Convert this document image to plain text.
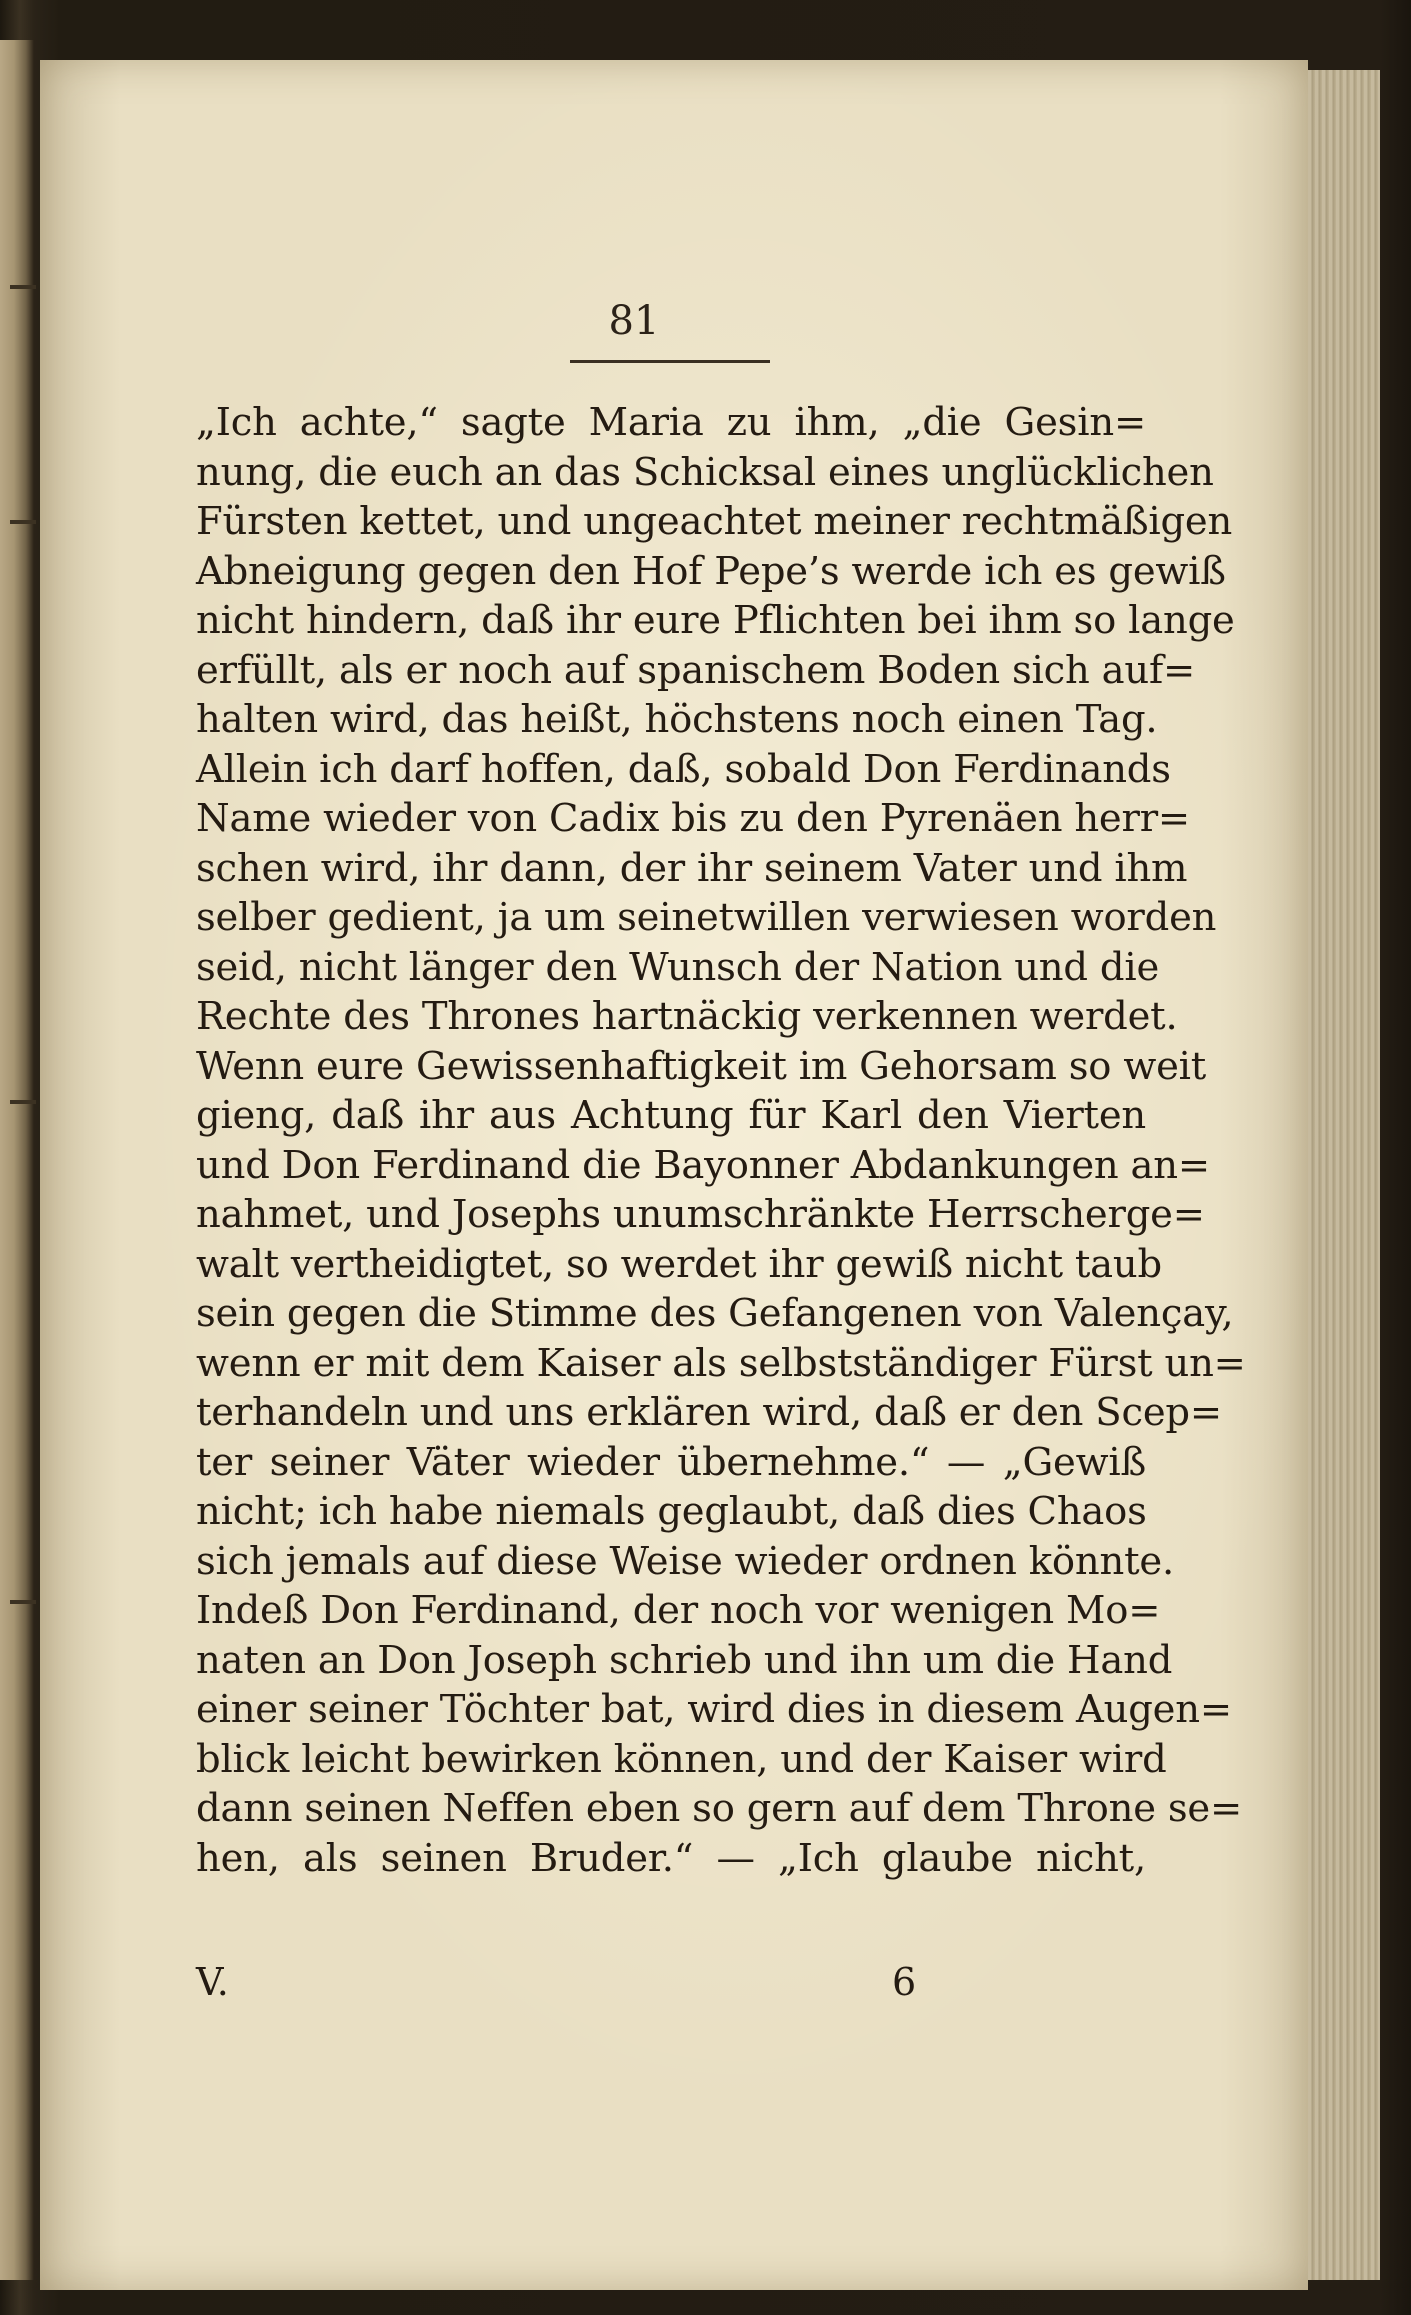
81
„Ich achte,“ sagte Maria zu ihm, „die Gesin=
nung, die euch an das Schicksal eines unglücklichen
Fürsten kettet, und ungeachtet meiner rechtmäßigen
Abneigung gegen den Hof Pepe’s werde ich es gewiß
nicht hindern, daß ihr eure Pflichten bei ihm so lange
erfüllt, als er noch auf spanischem Boden sich auf=
halten wird, das heißt, höchstens noch einen Tag.
Allein ich darf hoffen, daß, sobald Don Ferdinands
Name wieder von Cadix bis zu den Pyrenäen herr=
schen wird, ihr dann, der ihr seinem Vater und ihm
selber gedient, ja um seinetwillen verwiesen worden
seid, nicht länger den Wunsch der Nation und die
Rechte des Thrones hartnäckig verkennen werdet.
Wenn eure Gewissenhaftigkeit im Gehorsam so weit
gieng, daß ihr aus Achtung für Karl den Vierten
und Don Ferdinand die Bayonner Abdankungen an=
nahmet, und Josephs unumschränkte Herrscherge=
walt vertheidigtet, so werdet ihr gewiß nicht taub
sein gegen die Stimme des Gefangenen von Valençay,
wenn er mit dem Kaiser als selbstständiger Fürst un=
terhandeln und uns erklären wird, daß er den Scep=
ter seiner Väter wieder übernehme.“ — „Gewiß
nicht; ich habe niemals geglaubt, daß dies Chaos
sich jemals auf diese Weise wieder ordnen könnte.
Indeß Don Ferdinand, der noch vor wenigen Mo=
naten an Don Joseph schrieb und ihn um die Hand
einer seiner Töchter bat, wird dies in diesem Augen=
blick leicht bewirken können, und der Kaiser wird
dann seinen Neffen eben so gern auf dem Throne se=
hen, als seinen Bruder.“ — „Ich glaube nicht,
V.	6
